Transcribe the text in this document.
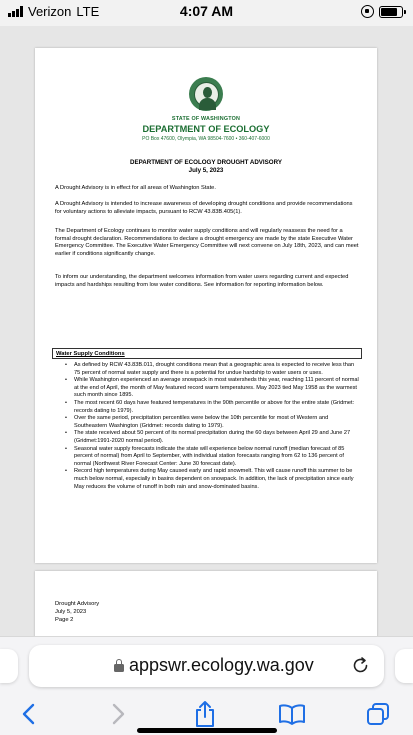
Verizon LTE	4:07 AM
STATE OF WASHINGTON
DEPARTMENT OF ECOLOGY
PO Box 47600, Olympia, WA 98504-7600 • 360-407-6000
DEPARTMENT OF ECOLOGY DROUGHT ADVISORY
July 5, 2023
A Drought Advisory is in effect for all areas of Washington State.
A Drought Advisory is intended to increase awareness of developing drought conditions and provide recommendations for voluntary actions to alleviate impacts, pursuant to RCW 43.83B.405(1).
The Department of Ecology continues to monitor water supply conditions and will regularly reassess the need for a formal drought declaration. Recommendations to declare a drought emergency are made by the state Executive Water Emergency Committee. The Executive Water Emergency Committee will next convene on July 18th, 2023, and can meet earlier if conditions significantly change.
To inform our understanding, the department welcomes information from water users regarding current and expected impacts and hardships resulting from low water conditions. See information for reporting information below.
Water Supply Conditions
• As defined by RCW 43.83B.011, drought conditions mean that a geographic area is expected to receive less than 75 percent of normal water supply and there is a potential for undue hardship to water users or uses.
• While Washington experienced an average snowpack in most watersheds this year, reaching 111 percent of normal at the end of April, the month of May featured record warm temperatures. May 2023 tied May 1958 as the warmest such month since 1895.
• The most recent 60 days have featured temperatures in the 90th percentile or above for the entire state (Gridmet: records dating to 1979).
• Over the same period, precipitation percentiles were below the 10th percentile for most of Western and Southeastern Washington (Gridmet: records dating to 1979).
• The state received about 50 percent of its normal precipitation during the 60 days between April 29 and June 27 (Gridmet:1991-2020 normal period).
• Seasonal water supply forecasts indicate the state will experience below normal runoff (median forecast of 85 percent of normal) from April to September, with individual station forecasts ranging from 62 to 136 percent of normal (Northwest River Forecast Center: June 30 forecast date).
• Record high temperatures during May caused early and rapid snowmelt. This will cause runoff this summer to be much below normal, especially in basins dependent on snowpack. In addition, the lack of precipitation since early May reduces the volume of runoff in both rain and snow-dominated basins.
Drought Advisory
July 5, 2023
Page 2
appswr.ecology.wa.gov
